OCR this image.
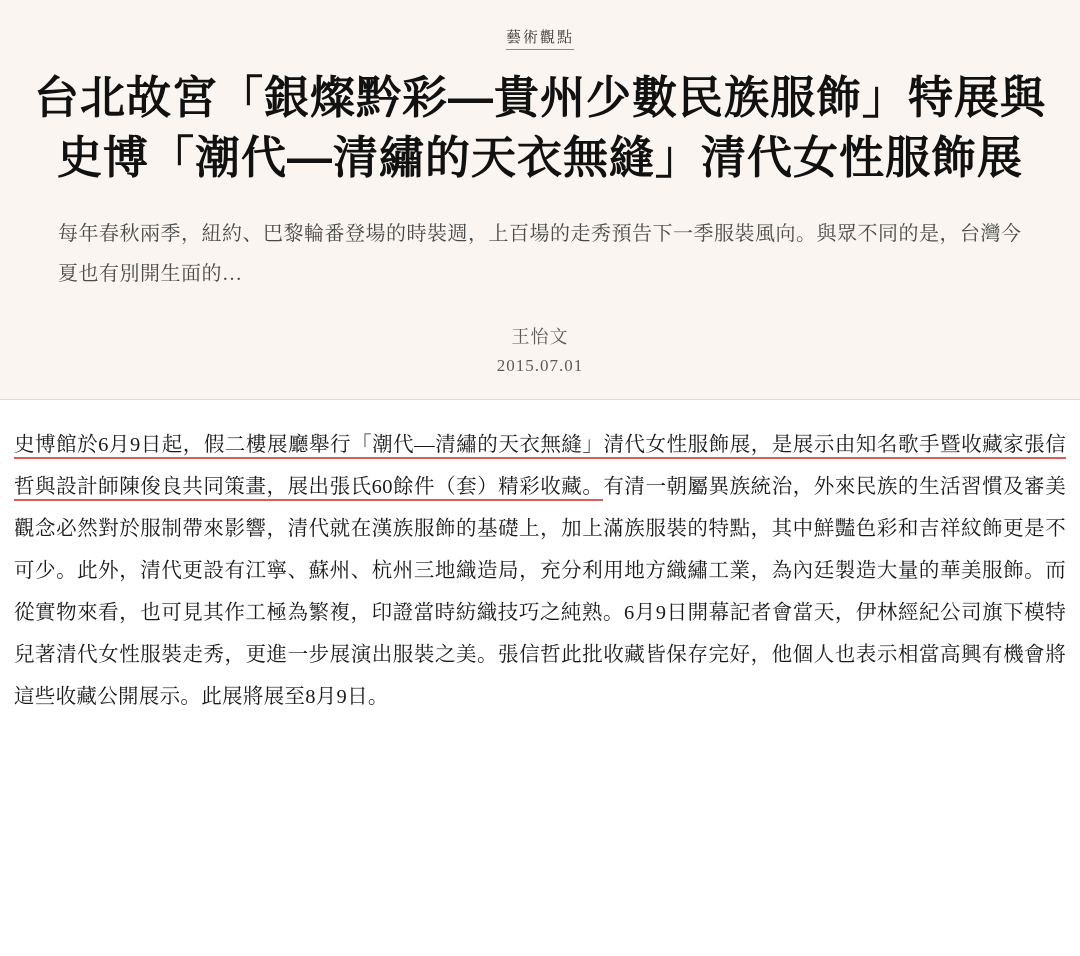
藝術觀點
台北故宮「銀燦黔彩—貴州少數民族服飾」特展與 史博「潮代—清繡的天衣無縫」清代女性服飾展

每年春秋兩季，紐約、巴黎輪番登場的時裝週，上百場的走秀預告下一季服裝風向。與眾不同的是，台灣今夏也有別開生面的…

王怡文
2015.07.01

史博館於6月9日起，假二樓展廳舉行「潮代—清繡的天衣無縫」清代女性服飾展，是展示由知名歌手暨收藏家張信哲與設計師陳俊良共同策畫，展出張氏60餘件（套）精彩收藏。有清一朝屬異族統治，外來民族的生活習慣及審美觀念必然對於服制帶來影響，清代就在漢族服飾的基礎上，加上滿族服裝的特點，其中鮮豔色彩和吉祥紋飾更是不可少。此外，清代更設有江寧、蘇州、杭州三地織造局，充分利用地方織繡工業，為內廷製造大量的華美服飾。而從實物來看，也可見其作工極為繁複，印證當時紡織技巧之純熟。6月9日開幕記者會當天，伊林經紀公司旗下模特兒著清代女性服裝走秀，更進一步展演出服裝之美。張信哲此批收藏皆保存完好，他個人也表示相當高興有機會將這些收藏公開展示。此展將展至8月9日。
